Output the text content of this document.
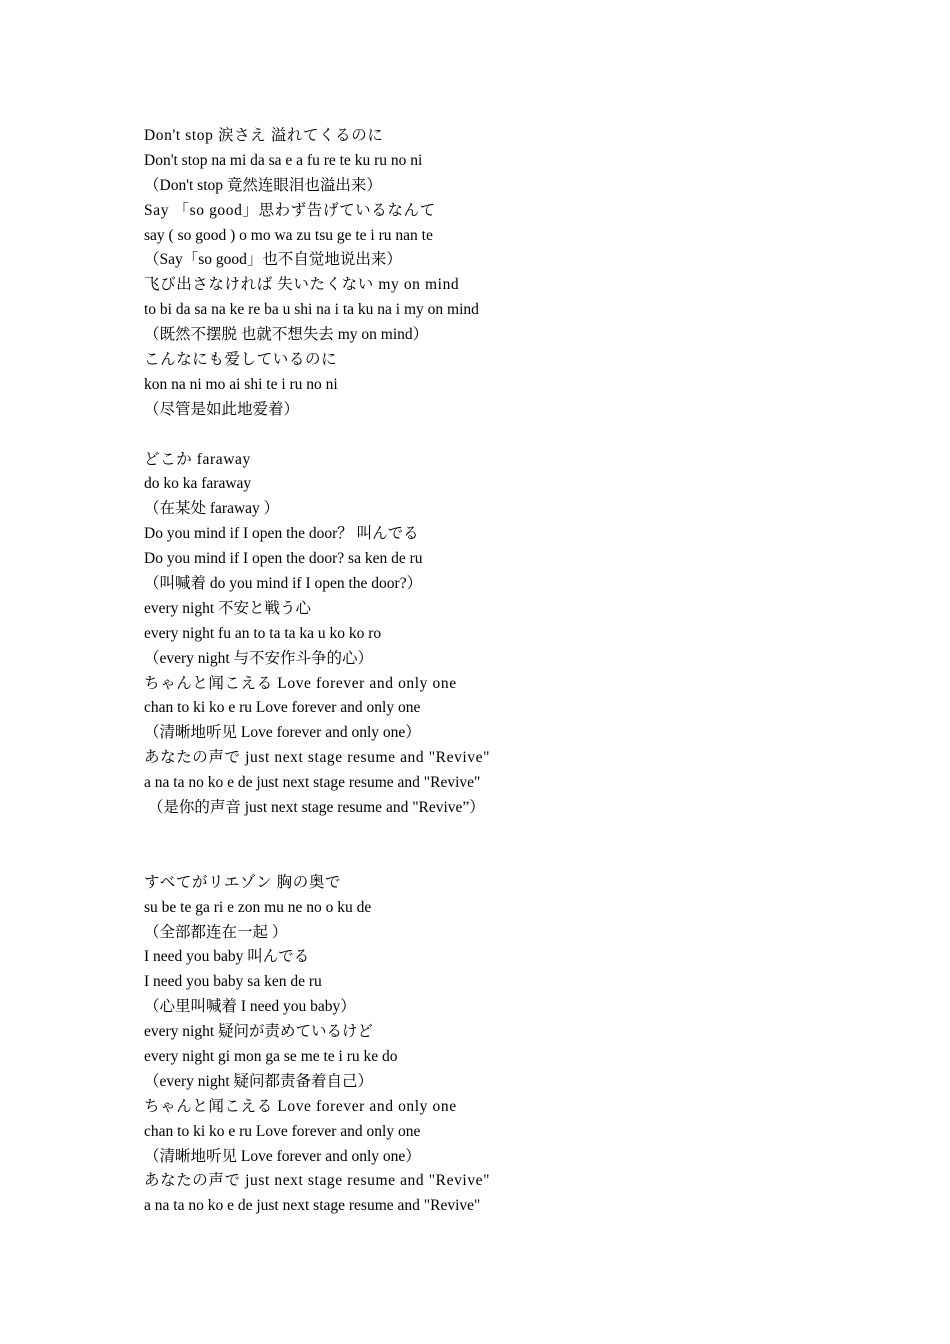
Don't stop 涙さえ 溢れてくるのに
Don't stop na mi da sa e a fu re te ku ru no ni
（Don't stop 竟然连眼泪也溢出来）
Say 「so good」思わず告げているなんて
say ( so good ) o mo wa zu tsu ge te i ru nan te
（Say「so good」也不自觉地说出来）
飞び出さなければ 失いたくない my on mind
to bi da sa na ke re ba u shi na i ta ku na i my on mind
（既然不摆脱 也就不想失去 my on mind）
こんなにも爱しているのに
kon na ni mo ai shi te i ru no ni
（尽管是如此地爱着）
どこか faraway
do ko ka faraway
（在某处 faraway ）
Do you mind if I open the door？ 叫んでる
Do you mind if I open the door? sa ken de ru
（叫喊着 do you mind if I open the door?）
every night 不安と戦う心
every night fu an to ta ta ka u ko ko ro
（every night 与不安作斗争的心）
ちゃんと闻こえる Love forever and only one
chan to ki ko e ru Love forever and only one
（清晰地听见 Love forever and only one）
あなたの声で just next stage resume and "Revive"
a na ta no ko e de just next stage resume and "Revive"
（是你的声音 just next stage resume and "Revive”）
すべてがリエゾン 胸の奥で
su be te ga ri e zon mu ne no o ku de
（全部都连在一起 ）
I need you baby 叫んでる
I need you baby sa ken de ru
（心里叫喊着 I need you baby）
every night 疑问が责めているけど
every night gi mon ga se me te i ru ke do
（every night 疑问都责备着自己）
ちゃんと闻こえる Love forever and only one
chan to ki ko e ru Love forever and only one
（清晰地听见 Love forever and only one）
あなたの声で just next stage resume and "Revive"
a na ta no ko e de just next stage resume and "Revive"
